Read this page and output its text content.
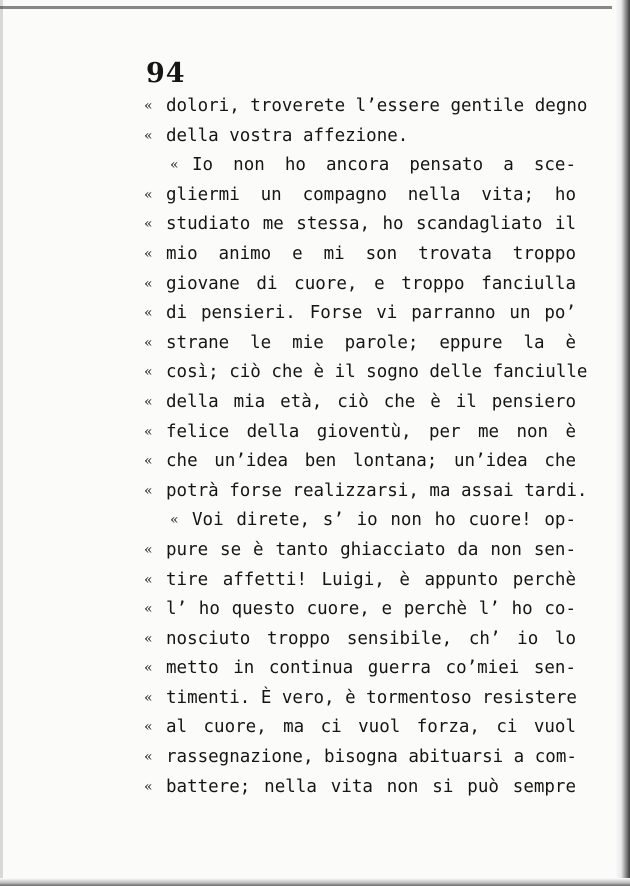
94
« dolori, troverete l’essere gentile degno
« della vostra affezione.
« Io non ho ancora pensato a sce-
« gliermi un compagno nella vita; ho
« studiato me stessa, ho scandagliato il
« mio animo e mi son trovata troppo
« giovane di cuore, e troppo fanciulla
« di pensieri. Forse vi parranno un po’
« strane le mie parole; eppure la è
« così; ciò che è il sogno delle fanciulle
« della mia età, ciò che è il pensiero
« felice della gioventù, per me non è
« che un’idea ben lontana; un’idea che
« potrà forse realizzarsi, ma assai tardi.
« Voi direte, s’ io non ho cuore! op-
« pure se è tanto ghiacciato da non sen-
« tire affetti! Luigi, è appunto perchè
« l’ ho questo cuore, e perchè l’ ho co-
« nosciuto troppo sensibile, ch’ io lo
« metto in continua guerra co’miei sen-
« timenti. È vero, è tormentoso resistere
« al cuore, ma ci vuol forza, ci vuol
« rassegnazione, bisogna abituarsi a com-
« battere; nella vita non si può sempre
